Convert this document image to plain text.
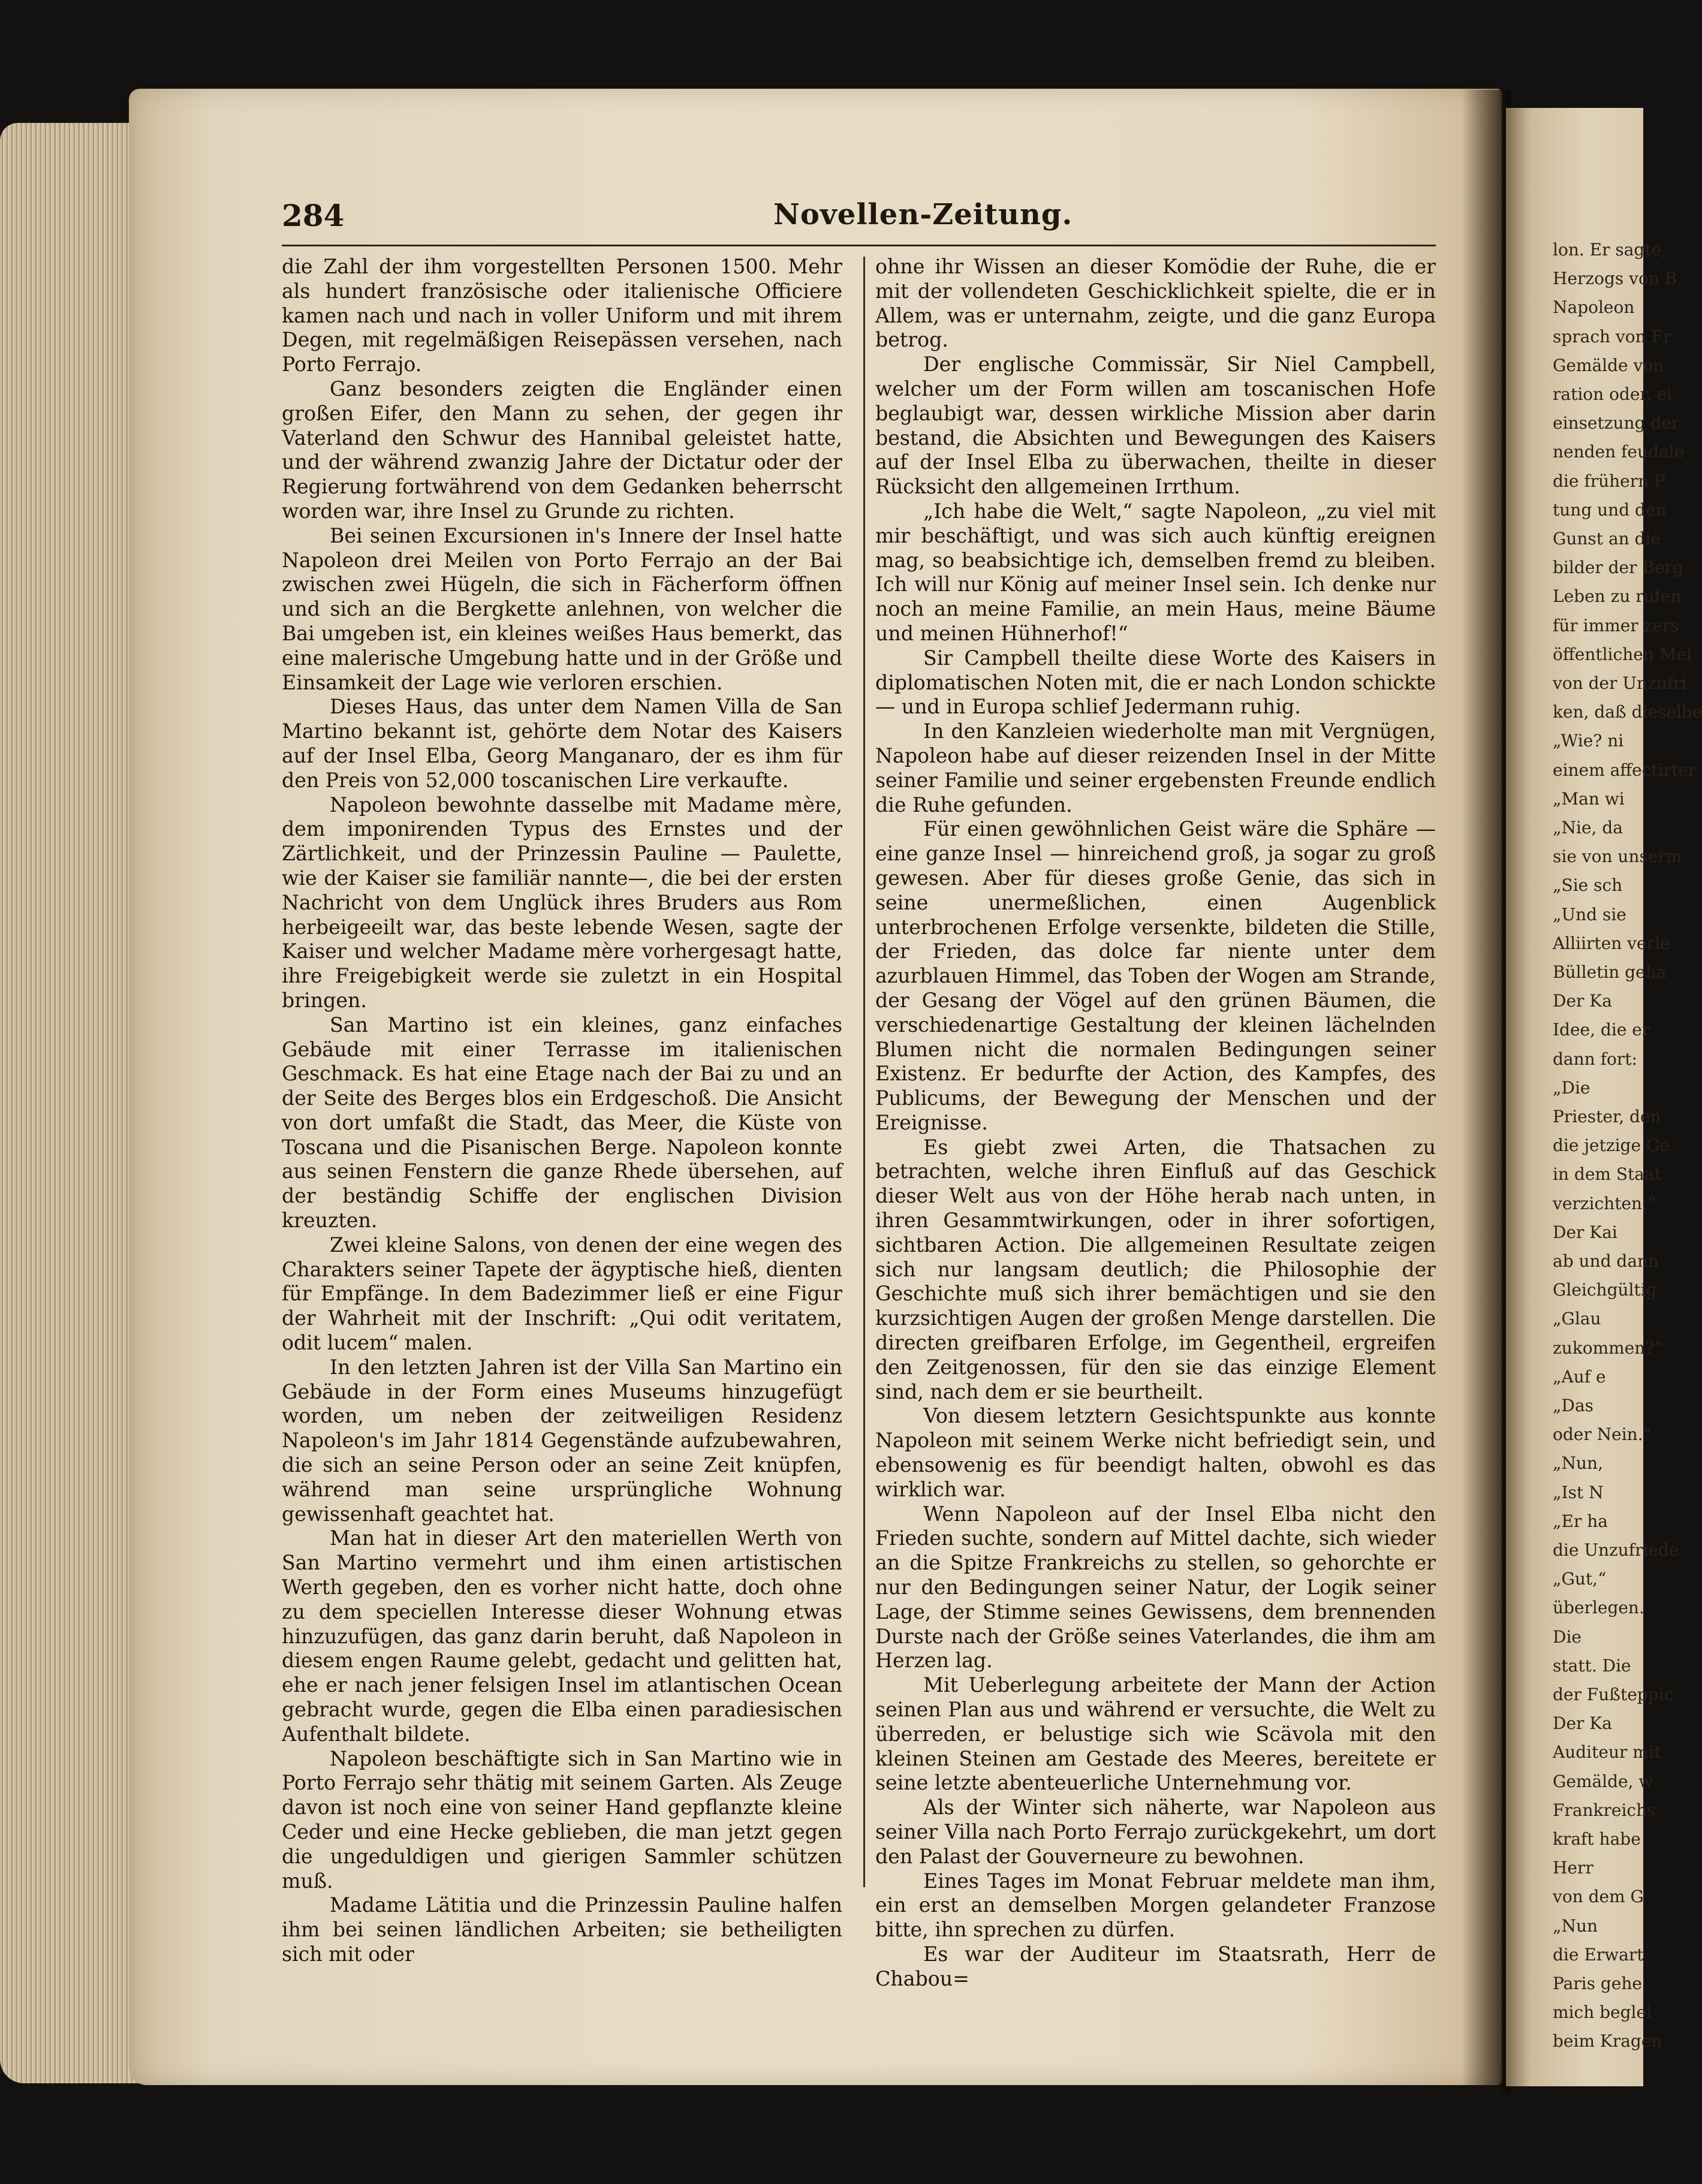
lon. Er sagte,
Herzogs von B
Napoleon
sprach von Fr
Gemälde von
ration oder, ei
einsetzung der
nenden feudale
die frühern P
tung und den
Gunst an die
bilder der Berg
Leben zu rufen
für immer zers
öffentlichen Mei
von der Unzufri
ken, daß dieselbe
„Wie? ni
einem affectirter
„Man wi
„Nie, da
sie von unserm
„Sie sch
„Und sie
Alliirten verle
Bülletin geha
Der Ka
Idee, die er
dann fort:
„Die
Priester, den
die jetzige Ge
in dem Staat
verzichten.“
Der Kai
ab und dann
Gleichgültig
„Glau
zukommen?“
„Auf e
„Das
oder Nein.“
„Nun,
„Ist N
„Er ha
die Unzufriede
„Gut,“
überlegen.
Die
statt. Die
der Fußteppic
Der Ka
Auditeur mit
Gemälde, w
Frankreichs
kraft habe
Herr
von dem G
„Nun
die Erwart
Paris gehe
mich beglei
beim Kragen
284	Novellen-Zeitung.

die Zahl der ihm vorgestellten Personen 1500. Mehr als hundert französische oder italienische Officiere kamen nach und nach in voller Uniform und mit ihrem Degen, mit regelmäßigen Reisepässen versehen, nach Porto Ferrajo.

Ganz besonders zeigten die Engländer einen großen Eifer, den Mann zu sehen, der gegen ihr Vaterland den Schwur des Hannibal geleistet hatte, und der während zwanzig Jahre der Dictatur oder der Regierung fortwährend von dem Gedanken beherrscht worden war, ihre Insel zu Grunde zu richten.

Bei seinen Excursionen in's Innere der Insel hatte Napoleon drei Meilen von Porto Ferrajo an der Bai zwischen zwei Hügeln, die sich in Fächerform öffnen und sich an die Bergkette anlehnen, von welcher die Bai umgeben ist, ein kleines weißes Haus bemerkt, das eine malerische Umgebung hatte und in der Größe und Einsamkeit der Lage wie verloren erschien.

Dieses Haus, das unter dem Namen Villa de San Martino bekannt ist, gehörte dem Notar des Kaisers auf der Insel Elba, Georg Manganaro, der es ihm für den Preis von 52,000 toscanischen Lire verkaufte.

Napoleon bewohnte dasselbe mit Madame mère, dem imponirenden Typus des Ernstes und der Zärtlichkeit, und der Prinzessin Pauline — Paulette, wie der Kaiser sie familiär nannte—, die bei der ersten Nachricht von dem Unglück ihres Bruders aus Rom herbeigeeilt war, das beste lebende Wesen, sagte der Kaiser und welcher Madame mère vorhergesagt hatte, ihre Freigebigkeit werde sie zuletzt in ein Hospital bringen.

San Martino ist ein kleines, ganz einfaches Gebäude mit einer Terrasse im italienischen Geschmack. Es hat eine Etage nach der Bai zu und an der Seite des Berges blos ein Erdgeschoß. Die Ansicht von dort umfaßt die Stadt, das Meer, die Küste von Toscana und die Pisanischen Berge. Napoleon konnte aus seinen Fenstern die ganze Rhede übersehen, auf der beständig Schiffe der englischen Division kreuzten.

Zwei kleine Salons, von denen der eine wegen des Charakters seiner Tapete der ägyptische hieß, dienten für Empfänge. In dem Badezimmer ließ er eine Figur der Wahrheit mit der Inschrift: „Qui odit veritatem, odit lucem“ malen.

In den letzten Jahren ist der Villa San Martino ein Gebäude in der Form eines Museums hinzugefügt worden, um neben der zeitweiligen Residenz Napoleon's im Jahr 1814 Gegenstände aufzubewahren, die sich an seine Person oder an seine Zeit knüpfen, während man seine ursprüngliche Wohnung gewissenhaft geachtet hat.

Man hat in dieser Art den materiellen Werth von San Martino vermehrt und ihm einen artistischen Werth gegeben, den es vorher nicht hatte, doch ohne zu dem speciellen Interesse dieser Wohnung etwas hinzuzufügen, das ganz darin beruht, daß Napoleon in diesem engen Raume gelebt, gedacht und gelitten hat, ehe er nach jener felsigen Insel im atlantischen Ocean gebracht wurde, gegen die Elba einen paradiesischen Aufenthalt bildete.

Napoleon beschäftigte sich in San Martino wie in Porto Ferrajo sehr thätig mit seinem Garten. Als Zeuge davon ist noch eine von seiner Hand gepflanzte kleine Ceder und eine Hecke geblieben, die man jetzt gegen die ungeduldigen und gierigen Sammler schützen muß.

Madame Lätitia und die Prinzessin Pauline halfen ihm bei seinen ländlichen Arbeiten; sie betheiligten sich mit oder

ohne ihr Wissen an dieser Komödie der Ruhe, die er mit der vollendeten Geschicklichkeit spielte, die er in Allem, was er unternahm, zeigte, und die ganz Europa betrog.

Der englische Commissär, Sir Niel Campbell, welcher um der Form willen am toscanischen Hofe beglaubigt war, dessen wirkliche Mission aber darin bestand, die Absichten und Bewegungen des Kaisers auf der Insel Elba zu überwachen, theilte in dieser Rücksicht den allgemeinen Irrthum.

„Ich habe die Welt,“ sagte Napoleon, „zu viel mit mir beschäftigt, und was sich auch künftig ereignen mag, so beabsichtige ich, demselben fremd zu bleiben. Ich will nur König auf meiner Insel sein. Ich denke nur noch an meine Familie, an mein Haus, meine Bäume und meinen Hühnerhof!“

Sir Campbell theilte diese Worte des Kaisers in diplomatischen Noten mit, die er nach London schickte — und in Europa schlief Jedermann ruhig.

In den Kanzleien wiederholte man mit Vergnügen, Napoleon habe auf dieser reizenden Insel in der Mitte seiner Familie und seiner ergebensten Freunde endlich die Ruhe gefunden.

Für einen gewöhnlichen Geist wäre die Sphäre — eine ganze Insel — hinreichend groß, ja sogar zu groß gewesen. Aber für dieses große Genie, das sich in seine unermeßlichen, einen Augenblick unterbrochenen Erfolge versenkte, bildeten die Stille, der Frieden, das dolce far niente unter dem azurblauen Himmel, das Toben der Wogen am Strande, der Gesang der Vögel auf den grünen Bäumen, die verschiedenartige Gestaltung der kleinen lächelnden Blumen nicht die normalen Bedingungen seiner Existenz. Er bedurfte der Action, des Kampfes, des Publicums, der Bewegung der Menschen und der Ereignisse.

Es giebt zwei Arten, die Thatsachen zu betrachten, welche ihren Einfluß auf das Geschick dieser Welt aus von der Höhe herab nach unten, in ihren Gesammtwirkungen, oder in ihrer sofortigen, sichtbaren Action. Die allgemeinen Resultate zeigen sich nur langsam deutlich; die Philosophie der Geschichte muß sich ihrer bemächtigen und sie den kurzsichtigen Augen der großen Menge darstellen. Die directen greifbaren Erfolge, im Gegentheil, ergreifen den Zeitgenossen, für den sie das einzige Element sind, nach dem er sie beurtheilt.

Von diesem letztern Gesichtspunkte aus konnte Napoleon mit seinem Werke nicht befriedigt sein, und ebensowenig es für beendigt halten, obwohl es das wirklich war.

Wenn Napoleon auf der Insel Elba nicht den Frieden suchte, sondern auf Mittel dachte, sich wieder an die Spitze Frankreichs zu stellen, so gehorchte er nur den Bedingungen seiner Natur, der Logik seiner Lage, der Stimme seines Gewissens, dem brennenden Durste nach der Größe seines Vaterlandes, die ihm am Herzen lag.

Mit Ueberlegung arbeitete der Mann der Action seinen Plan aus und während er versuchte, die Welt zu überreden, er belustige sich wie Scävola mit den kleinen Steinen am Gestade des Meeres, bereitete er seine letzte abenteuerliche Unternehmung vor.

Als der Winter sich näherte, war Napoleon aus seiner Villa nach Porto Ferrajo zurückgekehrt, um dort den Palast der Gouverneure zu bewohnen.

Eines Tages im Monat Februar meldete man ihm, ein erst an demselben Morgen gelandeter Franzose bitte, ihn sprechen zu dürfen.

Es war der Auditeur im Staatsrath, Herr de Chabou=
